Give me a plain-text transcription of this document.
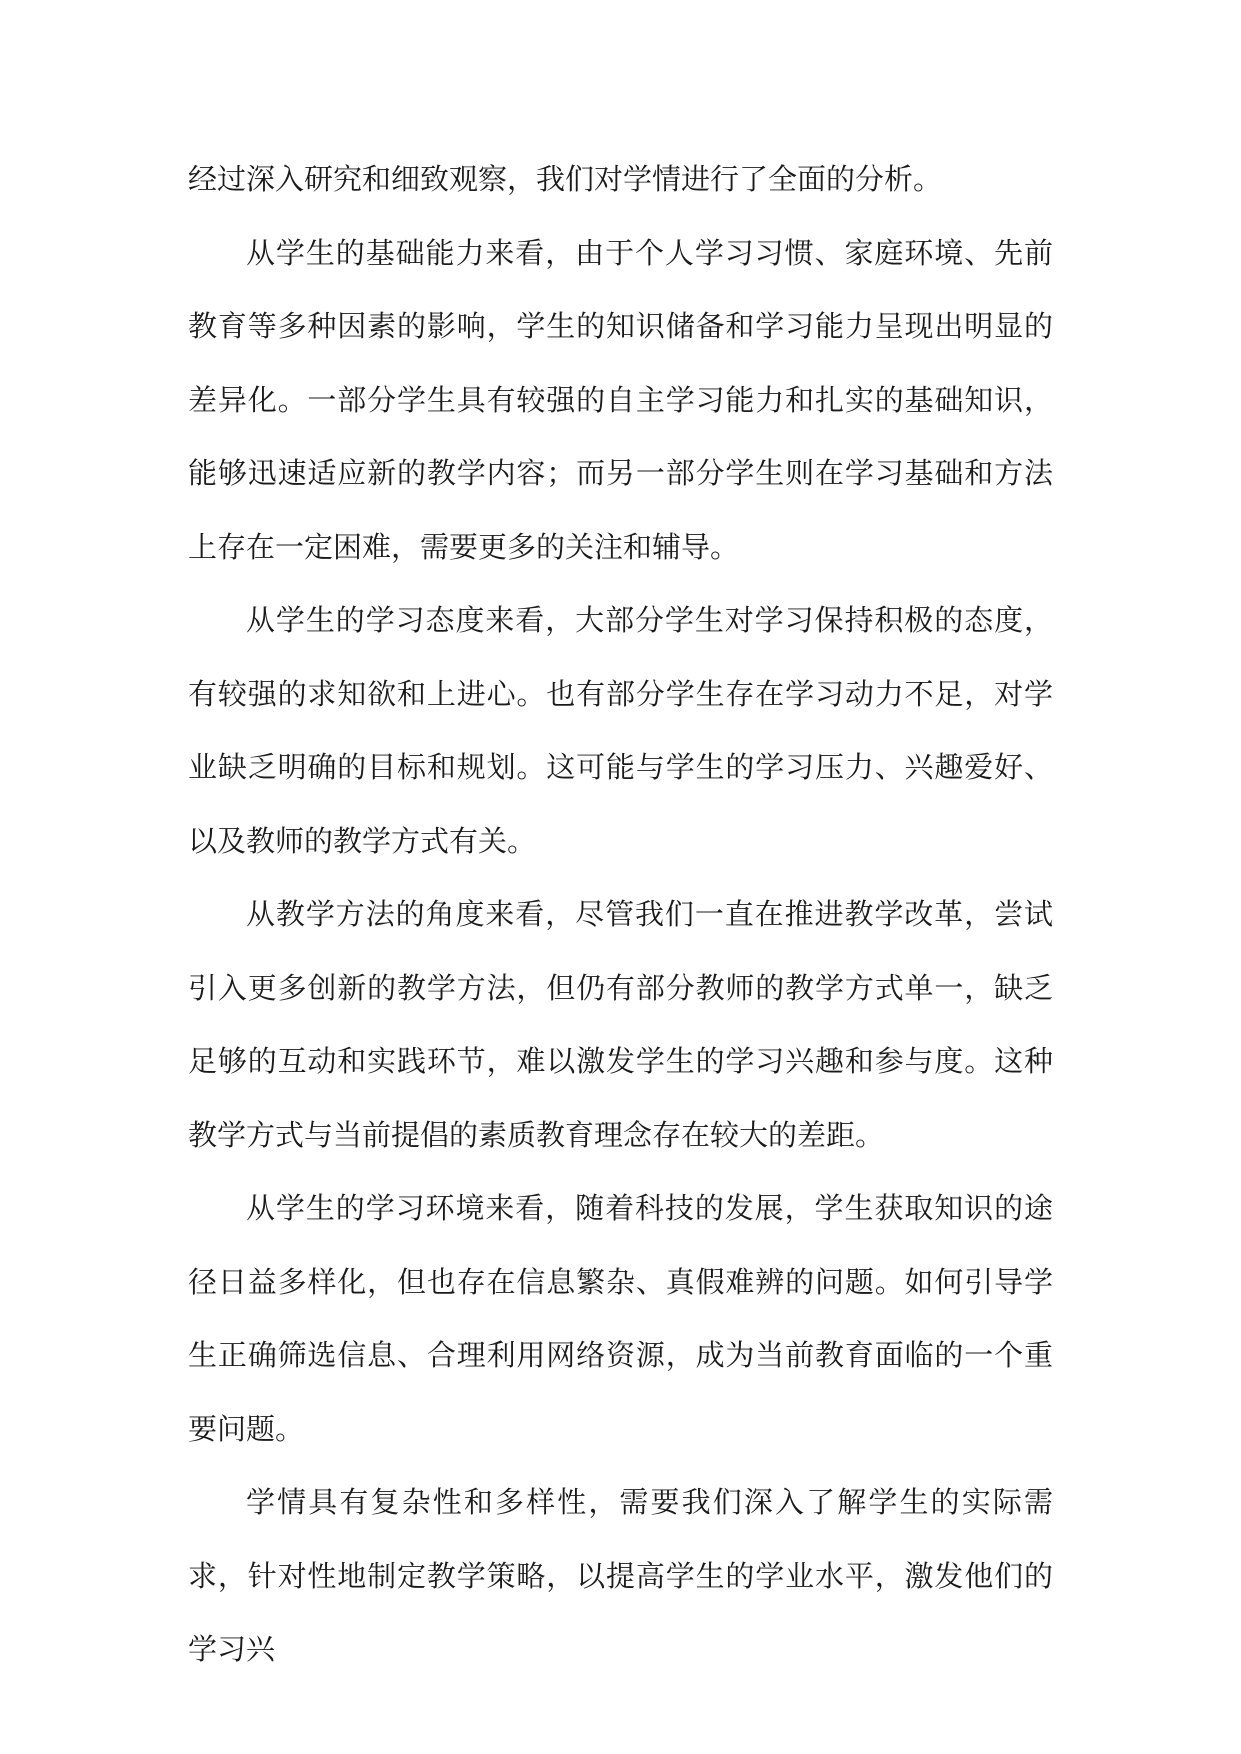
经过深入研究和细致观察，我们对学情进行了全面的分析。

从学生的基础能力来看，由于个人学习习惯、家庭环境、先前教育等多种因素的影响，学生的知识储备和学习能力呈现出明显的差异化。一部分学生具有较强的自主学习能力和扎实的基础知识，能够迅速适应新的教学内容；而另一部分学生则在学习基础和方法上存在一定困难，需要更多的关注和辅导。

从学生的学习态度来看，大部分学生对学习保持积极的态度，有较强的求知欲和上进心。也有部分学生存在学习动力不足，对学业缺乏明确的目标和规划。这可能与学生的学习压力、兴趣爱好、以及教师的教学方式有关。

从教学方法的角度来看，尽管我们一直在推进教学改革，尝试引入更多创新的教学方法，但仍有部分教师的教学方式单一，缺乏足够的互动和实践环节，难以激发学生的学习兴趣和参与度。这种教学方式与当前提倡的素质教育理念存在较大的差距。

从学生的学习环境来看，随着科技的发展，学生获取知识的途径日益多样化，但也存在信息繁杂、真假难辨的问题。如何引导学生正确筛选信息、合理利用网络资源，成为当前教育面临的一个重要问题。

学情具有复杂性和多样性，需要我们深入了解学生的实际需求，针对性地制定教学策略，以提高学生的学业水平，激发他们的学习兴
